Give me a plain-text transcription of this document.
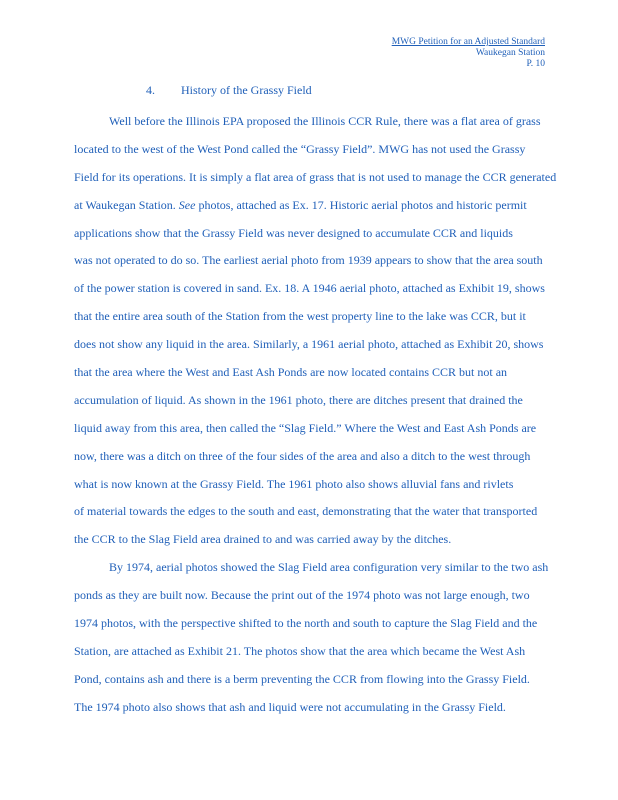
MWG Petition for an Adjusted Standard
Waukegan Station
P. 10
4. History of the Grassy Field
Well before the Illinois EPA proposed the Illinois CCR Rule, there was a flat area of grass
located to the west of the West Pond called the “Grassy Field”. MWG has not used the Grassy
Field for its operations. It is simply a flat area of grass that is not used to manage the CCR generated
at Waukegan Station. See photos, attached as Ex. 17. Historic aerial photos and historic permit
applications show that the Grassy Field was never designed to accumulate CCR and liquids
was not operated to do so. The earliest aerial photo from 1939 appears to show that the area south
of the power station is covered in sand. Ex. 18. A 1946 aerial photo, attached as Exhibit 19, shows
that the entire area south of the Station from the west property line to the lake was CCR, but it
does not show any liquid in the area. Similarly, a 1961 aerial photo, attached as Exhibit 20, shows
that the area where the West and East Ash Ponds are now located contains CCR but not an
accumulation of liquid. As shown in the 1961 photo, there are ditches present that drained the
liquid away from this area, then called the “Slag Field.” Where the West and East Ash Ponds are
now, there was a ditch on three of the four sides of the area and also a ditch to the west through
what is now known at the Grassy Field. The 1961 photo also shows alluvial fans and rivlets
of material towards the edges to the south and east, demonstrating that the water that transported
the CCR to the Slag Field area drained to and was carried away by the ditches.
By 1974, aerial photos showed the Slag Field area configuration very similar to the two ash
ponds as they are built now. Because the print out of the 1974 photo was not large enough, two
1974 photos, with the perspective shifted to the north and south to capture the Slag Field and the
Station, are attached as Exhibit 21. The photos show that the area which became the West Ash
Pond, contains ash and there is a berm preventing the CCR from flowing into the Grassy Field.
The 1974 photo also shows that ash and liquid were not accumulating in the Grassy Field.
